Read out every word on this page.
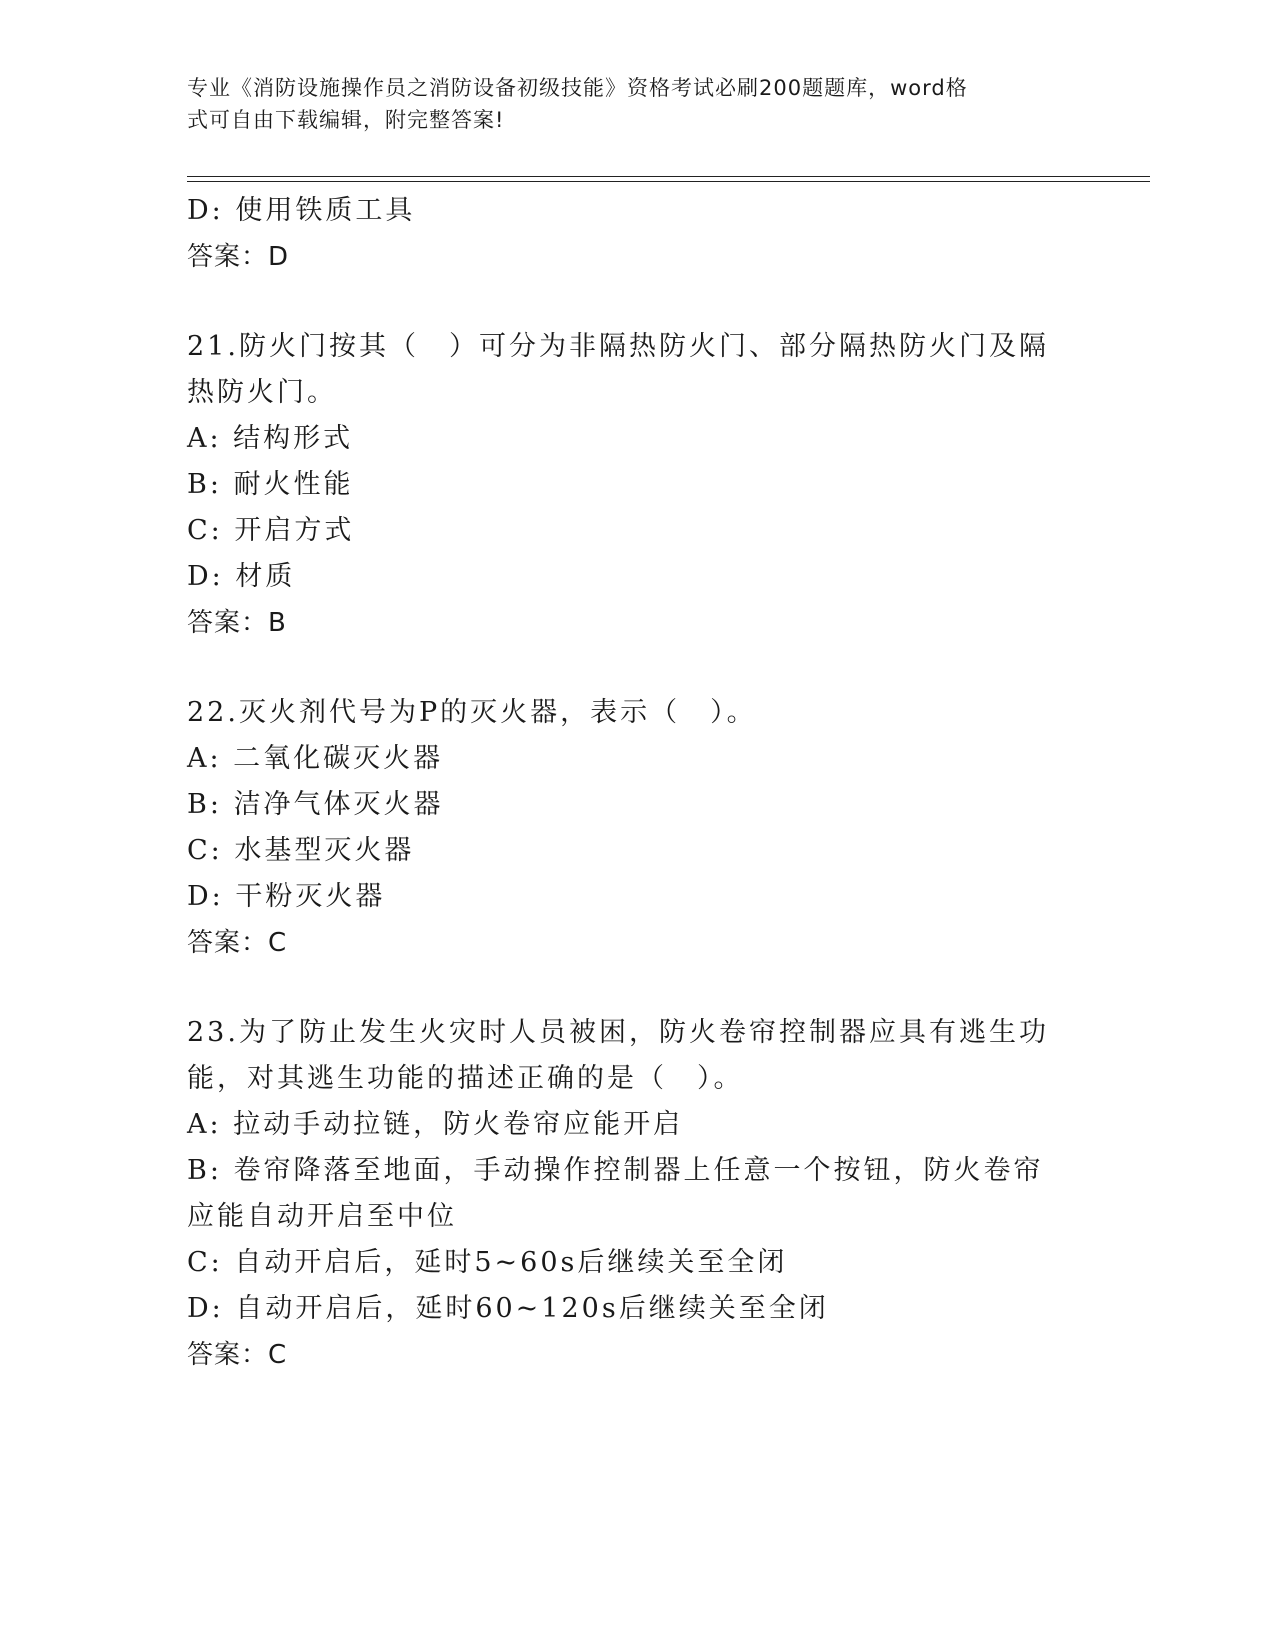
专业《消防设施操作员之消防设备初级技能》资格考试必刷200题题库，word格
式可自由下载编辑，附完整答案!
D: 使用铁质工具
答案：D
21.防火门按其（　）可分为非隔热防火门、部分隔热防火门及隔热防火门。
A: 结构形式
B: 耐火性能
C: 开启方式
D: 材质
答案：B
22.灭火剂代号为P的灭火器，表示（　）。
A: 二氧化碳灭火器
B: 洁净气体灭火器
C: 水基型灭火器
D: 干粉灭火器
答案：C
23.为了防止发生火灾时人员被困，防火卷帘控制器应具有逃生功能，对其逃生功能的描述正确的是（　）。
A: 拉动手动拉链，防火卷帘应能开启
B: 卷帘降落至地面，手动操作控制器上任意一个按钮，防火卷帘应能自动开启至中位
C: 自动开启后，延时5~60s后继续关至全闭
D: 自动开启后，延时60~120s后继续关至全闭
答案：C
